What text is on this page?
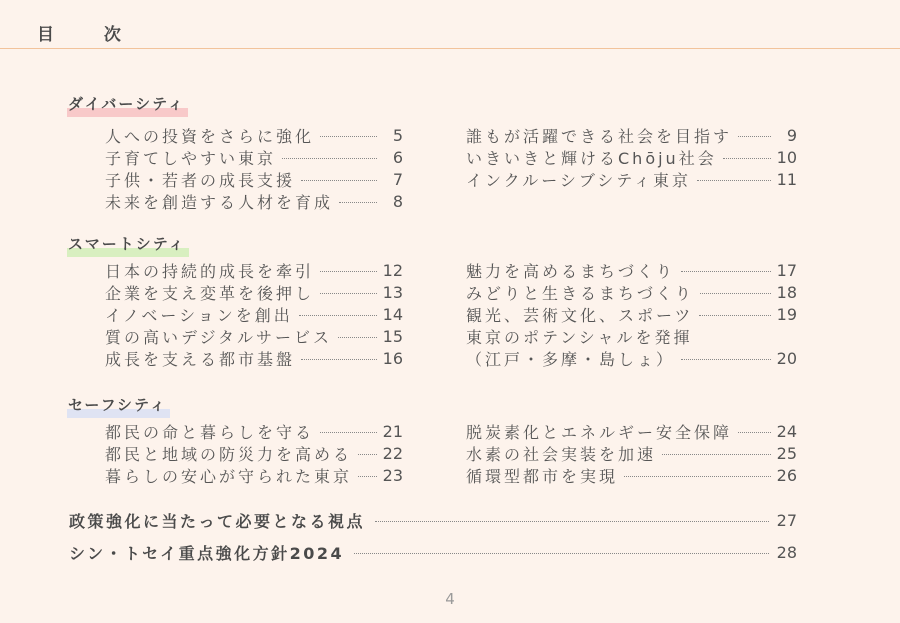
目 次
ダイバーシティ
人への投資をさらに強化	5
子育てしやすい東京	6
子供・若者の成長支援	7
未来を創造する人材を育成	8
誰もが活躍できる社会を目指す	9
いきいきと輝けるChōju社会	10
インクルーシブシティ東京	11
スマートシティ
日本の持続的成長を牽引	12
企業を支え変革を後押し	13
イノベーションを創出	14
質の高いデジタルサービス	15
成長を支える都市基盤	16
魅力を高めるまちづくり	17
みどりと生きるまちづくり	18
観光、芸術文化、スポーツ	19
東京のポテンシャルを発揮
（江戸・多摩・島しょ）	20
セーフシティ
都民の命と暮らしを守る	21
都民と地域の防災力を高める 22
暮らしの安心が守られた東京 23
脱炭素化とエネルギー安全保障	24
水素の社会実装を加速	25
循環型都市を実現	26
政策強化に当たって必要となる視点	27
シン・トセイ重点強化方針2024	28
4
